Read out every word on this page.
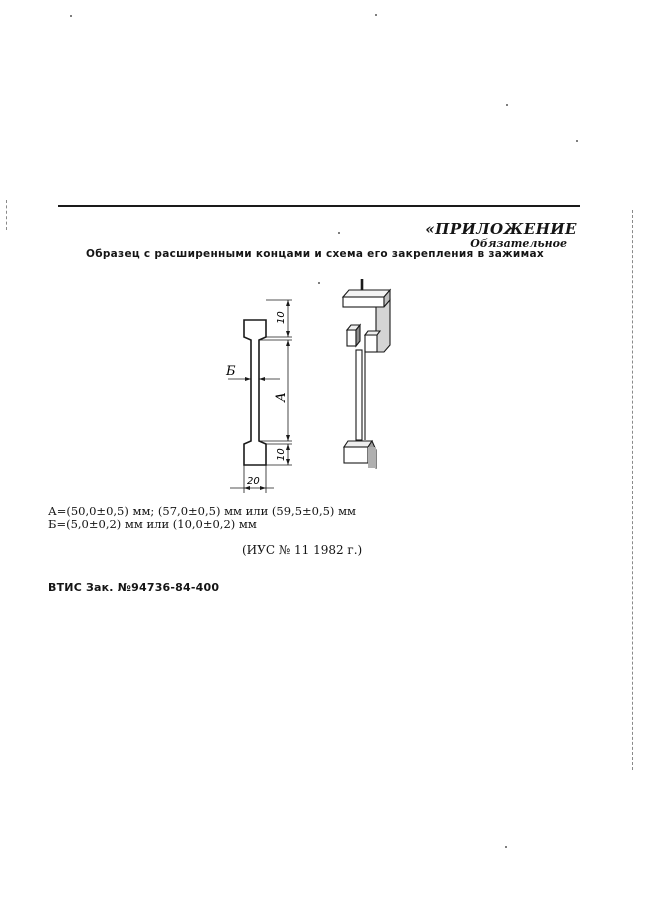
«ПРИЛОЖЕНИЕ
Обязательное
Образец с расширенными концами и схема его закрепления в зажимах
Б
А
10
10
20
А=(50,0±0,5) мм; (57,0±0,5) мм или (59,5±0,5) мм
Б=(5,0±0,2) мм или (10,0±0,2) мм
(ИУС № 11 1982 г.)
ВТИС Зак. №94736-84-400
